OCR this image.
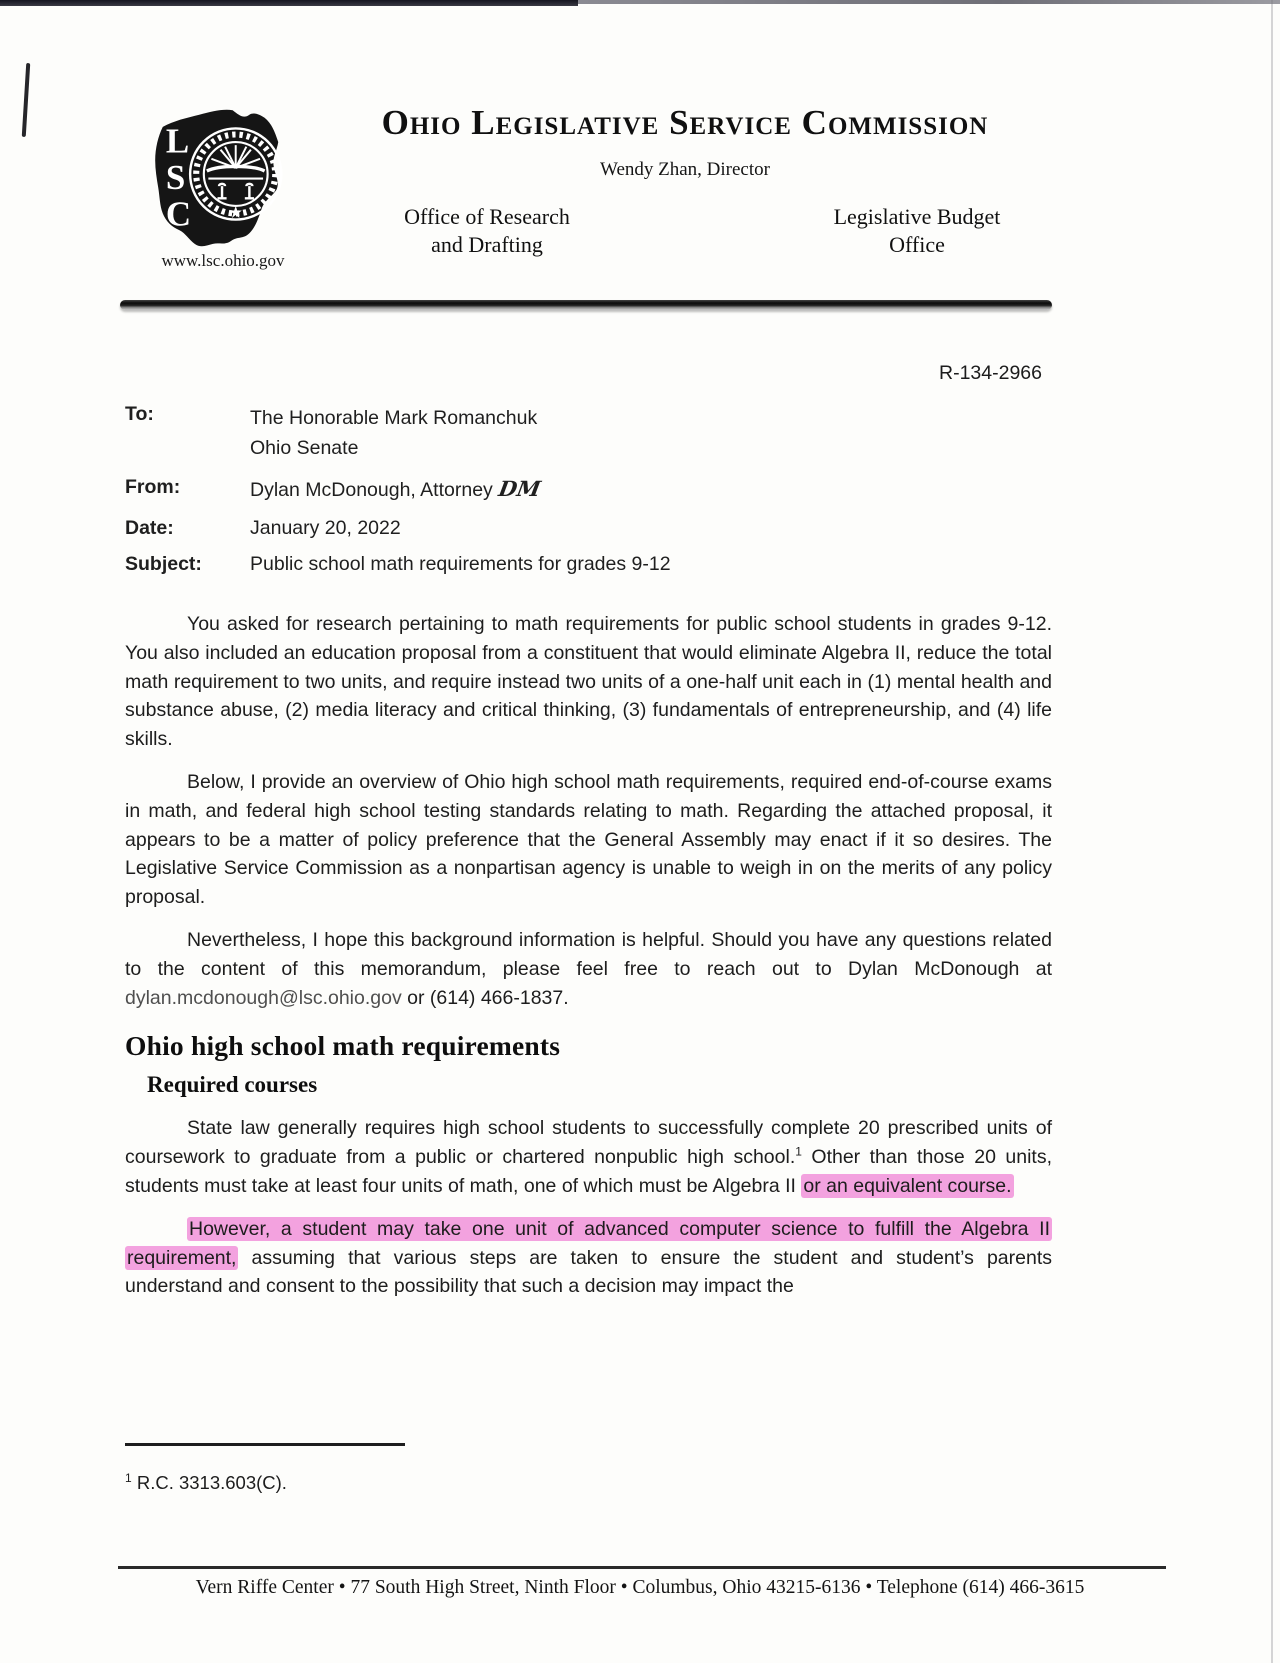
L
S
C
www.lsc.ohio.gov
Ohio Legislative Service Commission
Wendy Zhan, Director
Office of Research
and Drafting
Legislative Budget
Office
R-134-2966
To:	The Honorable Mark Romanchuk
Ohio Senate
From:	Dylan McDonough, Attorney DM
Date:	January 20, 2022
Subject:	Public school math requirements for grades 9-12

You asked for research pertaining to math requirements for public school students in grades 9-12. You also included an education proposal from a constituent that would eliminate Algebra II, reduce the total math requirement to two units, and require instead two units of a one-half unit each in (1) mental health and substance abuse, (2) media literacy and critical thinking, (3) fundamentals of entrepreneurship, and (4) life skills.

Below, I provide an overview of Ohio high school math requirements, required end-of-course exams in math, and federal high school testing standards relating to math. Regarding the attached proposal, it appears to be a matter of policy preference that the General Assembly may enact if it so desires. The Legislative Service Commission as a nonpartisan agency is unable to weigh in on the merits of any policy proposal.

Nevertheless, I hope this background information is helpful. Should you have any questions related to the content of this memorandum, please feel free to reach out to Dylan McDonough at dylan.mcdonough@lsc.ohio.gov or (614) 466-1837.

Ohio high school math requirements
Required courses

State law generally requires high school students to successfully complete 20 prescribed units of coursework to graduate from a public or chartered nonpublic high school.$^1$ Other than those 20 units, students must take at least four units of math, one of which must be Algebra II or an equivalent course.

However, a student may take one unit of advanced computer science to fulfill the Algebra II requirement, assuming that various steps are taken to ensure the student and student’s parents understand and consent to the possibility that such a decision may impact the

$^1$ R.C. 3313.603(C).
Vern Riffe Center • 77 South High Street, Ninth Floor • Columbus, Ohio 43215-6136 • Telephone (614) 466-3615
